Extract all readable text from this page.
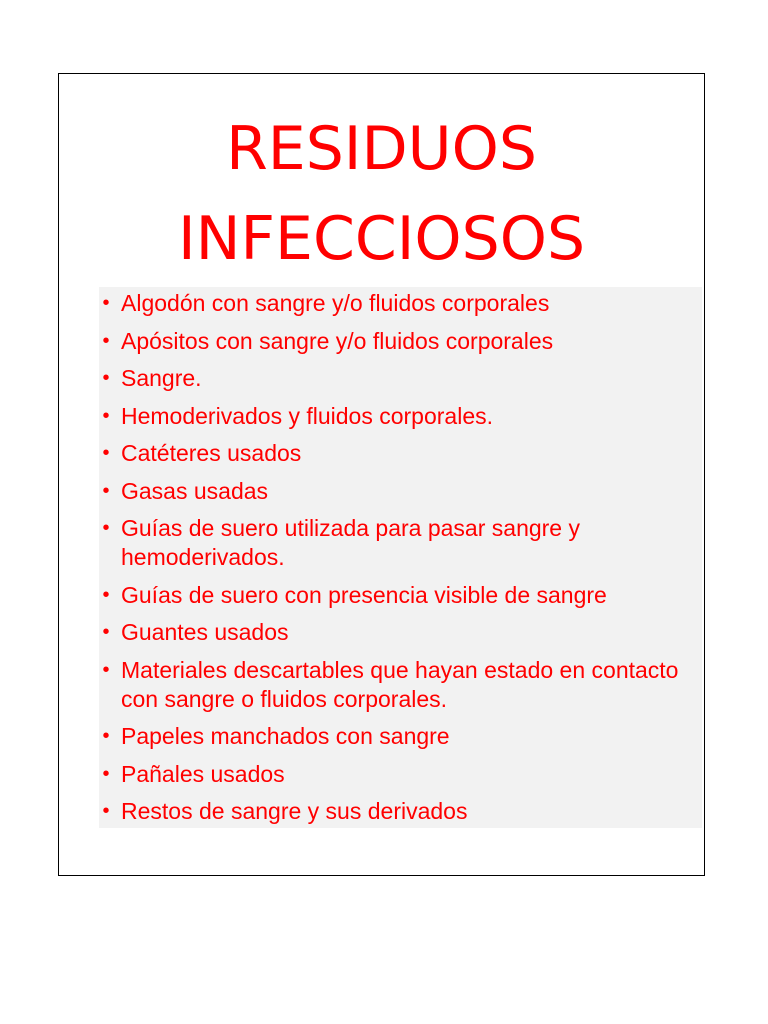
RESIDUOS
INFECCIOSOS
• Algodón con sangre y/o fluidos corporales
• Apósitos con sangre y/o fluidos corporales
• Sangre.
• Hemoderivados y fluidos corporales.
• Catéteres usados
• Gasas usadas
• Guías de suero utilizada para pasar sangre y hemoderivados.
• Guías de suero con presencia visible de sangre
• Guantes usados
• Materiales descartables que hayan estado en contacto con sangre o fluidos corporales.
• Papeles manchados con sangre
• Pañales usados
• Restos de sangre y sus derivados
